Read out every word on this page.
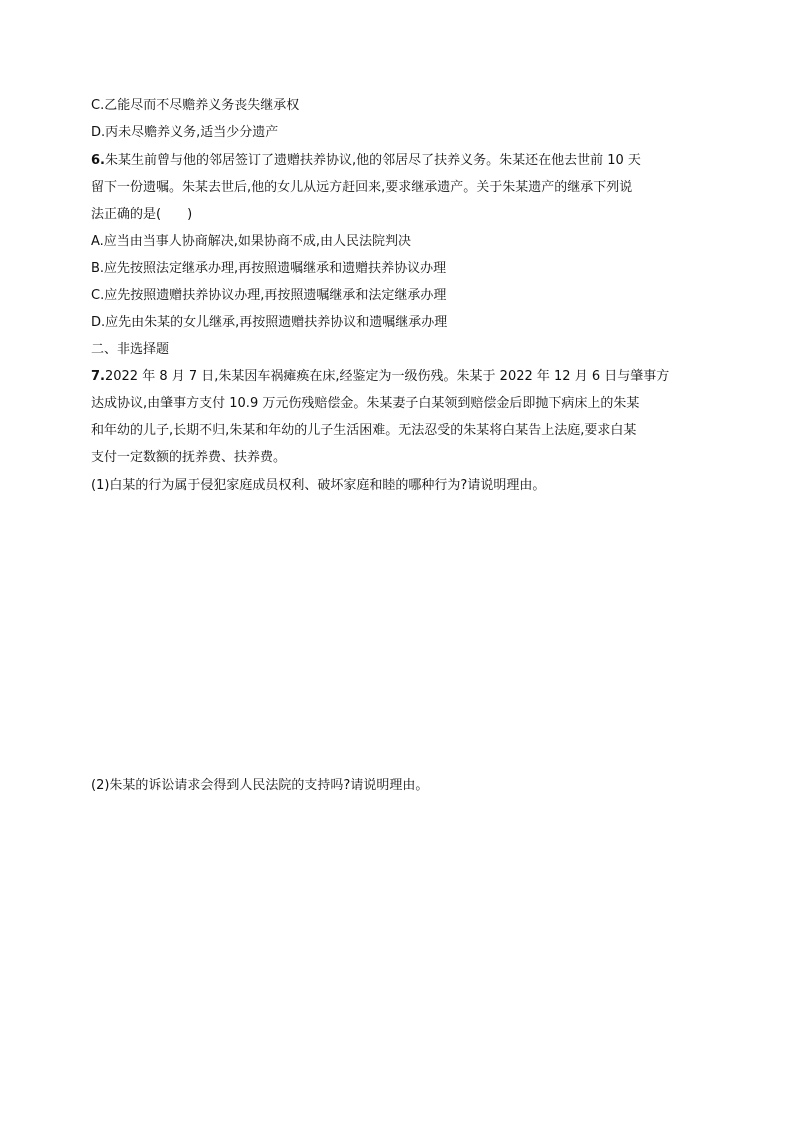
C.乙能尽而不尽赡养义务丧失继承权
D.丙未尽赡养义务,适当少分遗产
6.朱某生前曾与他的邻居签订了遗赠扶养协议,他的邻居尽了扶养义务。朱某还在他去世前 10 天
留下一份遗嘱。朱某去世后,他的女儿从远方赶回来,要求继承遗产。关于朱某遗产的继承下列说
法正确的是(　　)
A.应当由当事人协商解决,如果协商不成,由人民法院判决
B.应先按照法定继承办理,再按照遗嘱继承和遗赠扶养协议办理
C.应先按照遗赠扶养协议办理,再按照遗嘱继承和法定继承办理
D.应先由朱某的女儿继承,再按照遗赠扶养协议和遗嘱继承办理
二、非选择题
7.2022 年 8 月 7 日,朱某因车祸瘫痪在床,经鉴定为一级伤残。朱某于 2022 年 12 月 6 日与肇事方
达成协议,由肇事方支付 10.9 万元伤残赔偿金。朱某妻子白某领到赔偿金后即抛下病床上的朱某
和年幼的儿子,长期不归,朱某和年幼的儿子生活困难。无法忍受的朱某将白某告上法庭,要求白某
支付一定数额的抚养费、扶养费。
(1)白某的行为属于侵犯家庭成员权利、破坏家庭和睦的哪种行为?请说明理由。
(2)朱某的诉讼请求会得到人民法院的支持吗?请说明理由。
